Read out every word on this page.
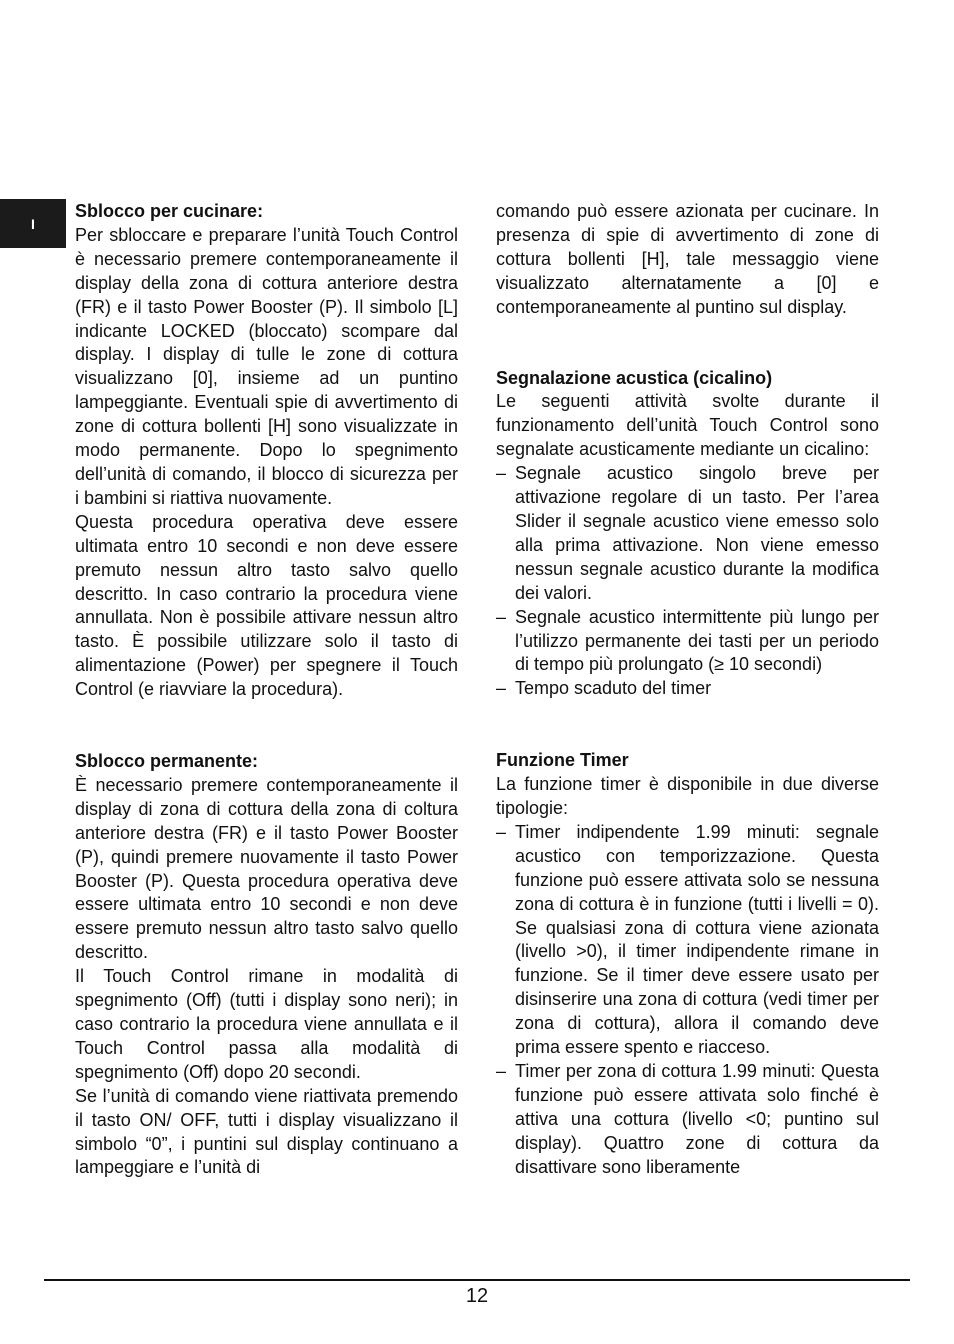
I
Sblocco per cucinare:

Per sbloccare e preparare l’unità Touch Control è necessario premere contemporaneamente il display della zona di cottura anteriore destra (FR) e il tasto Power Booster (P). Il simbolo [L] indicante LOCKED (bloccato) scompare dal display. I display di tulle le zone di cottura visualizzano [0], insieme ad un puntino lampeggiante. Eventuali spie di avvertimento di zone di cottura bollenti [H] sono visualizzate in modo permanente. Dopo lo spegnimento dell’unità di comando, il blocco di sicurezza per i bambini si riattiva nuovamente.

Questa procedura operativa deve essere ultimata entro 10 secondi e non deve essere premuto nessun altro tasto salvo quello descritto. In caso contrario la procedura viene annullata. Non è possibile attivare nessun altro tasto. È possibile utilizzare solo il tasto di alimentazione (Power) per spegnere il Touch Control (e riavviare la procedura).

Sblocco permanente:

È necessario premere contemporaneamente il display di zona di cottura della zona di coltura anteriore destra (FR) e il tasto Power Booster (P), quindi premere nuovamente il tasto Power Booster (P). Questa procedura operativa deve essere ultimata entro 10 secondi e non deve essere premuto nessun altro tasto salvo quello descritto.

Il Touch Control rimane in modalità di spegnimento (Off) (tutti i display sono neri); in caso contrario la procedura viene annullata e il Touch Control passa alla modalità di spegnimento (Off) dopo 20 secondi.

Se l’unità di comando viene riattivata premendo il tasto ON/ OFF, tutti i display visualizzano il simbolo “0”, i puntini sul display continuano a lampeggiare e l’unità di

comando può essere azionata per cucinare. In presenza di spie di avvertimento di zone di cottura bollenti [H], tale messaggio viene visualizzato alternatamente a [0] e contemporaneamente al puntino sul display.

Segnalazione acustica (cicalino)

Le seguenti attività svolte durante il funzionamento dell’unità Touch Control sono segnalate acusticamente mediante un cicalino:

– Segnale acustico singolo breve per attivazione regolare di un tasto. Per l’area Slider il segnale acustico viene emesso solo alla prima attivazione. Non viene emesso nessun segnale acustico durante la modifica dei valori.
– Segnale acustico intermittente più lungo per l’utilizzo permanente dei tasti per un periodo di tempo più prolungato (≥ 10 secondi)
– Tempo scaduto del timer
Funzione Timer

La funzione timer è disponibile in due diverse tipologie:

– Timer indipendente 1.99 minuti: segnale acustico con temporizzazione. Questa funzione può essere attivata solo se nessuna zona di cottura è in funzione (tutti i livelli = 0). Se qualsiasi zona di cottura viene azionata (livello >0), il timer indipendente rimane in funzione. Se il timer deve essere usato per disinserire una zona di cottura (vedi timer per zona di cottura), allora il comando deve prima essere spento e riacceso.
– Timer per zona di cottura 1.99 minuti: Questa funzione può essere attivata solo finché è attiva una cottura (livello <0; puntino sul display). Quattro zone di cottura da disattivare sono liberamente
12
